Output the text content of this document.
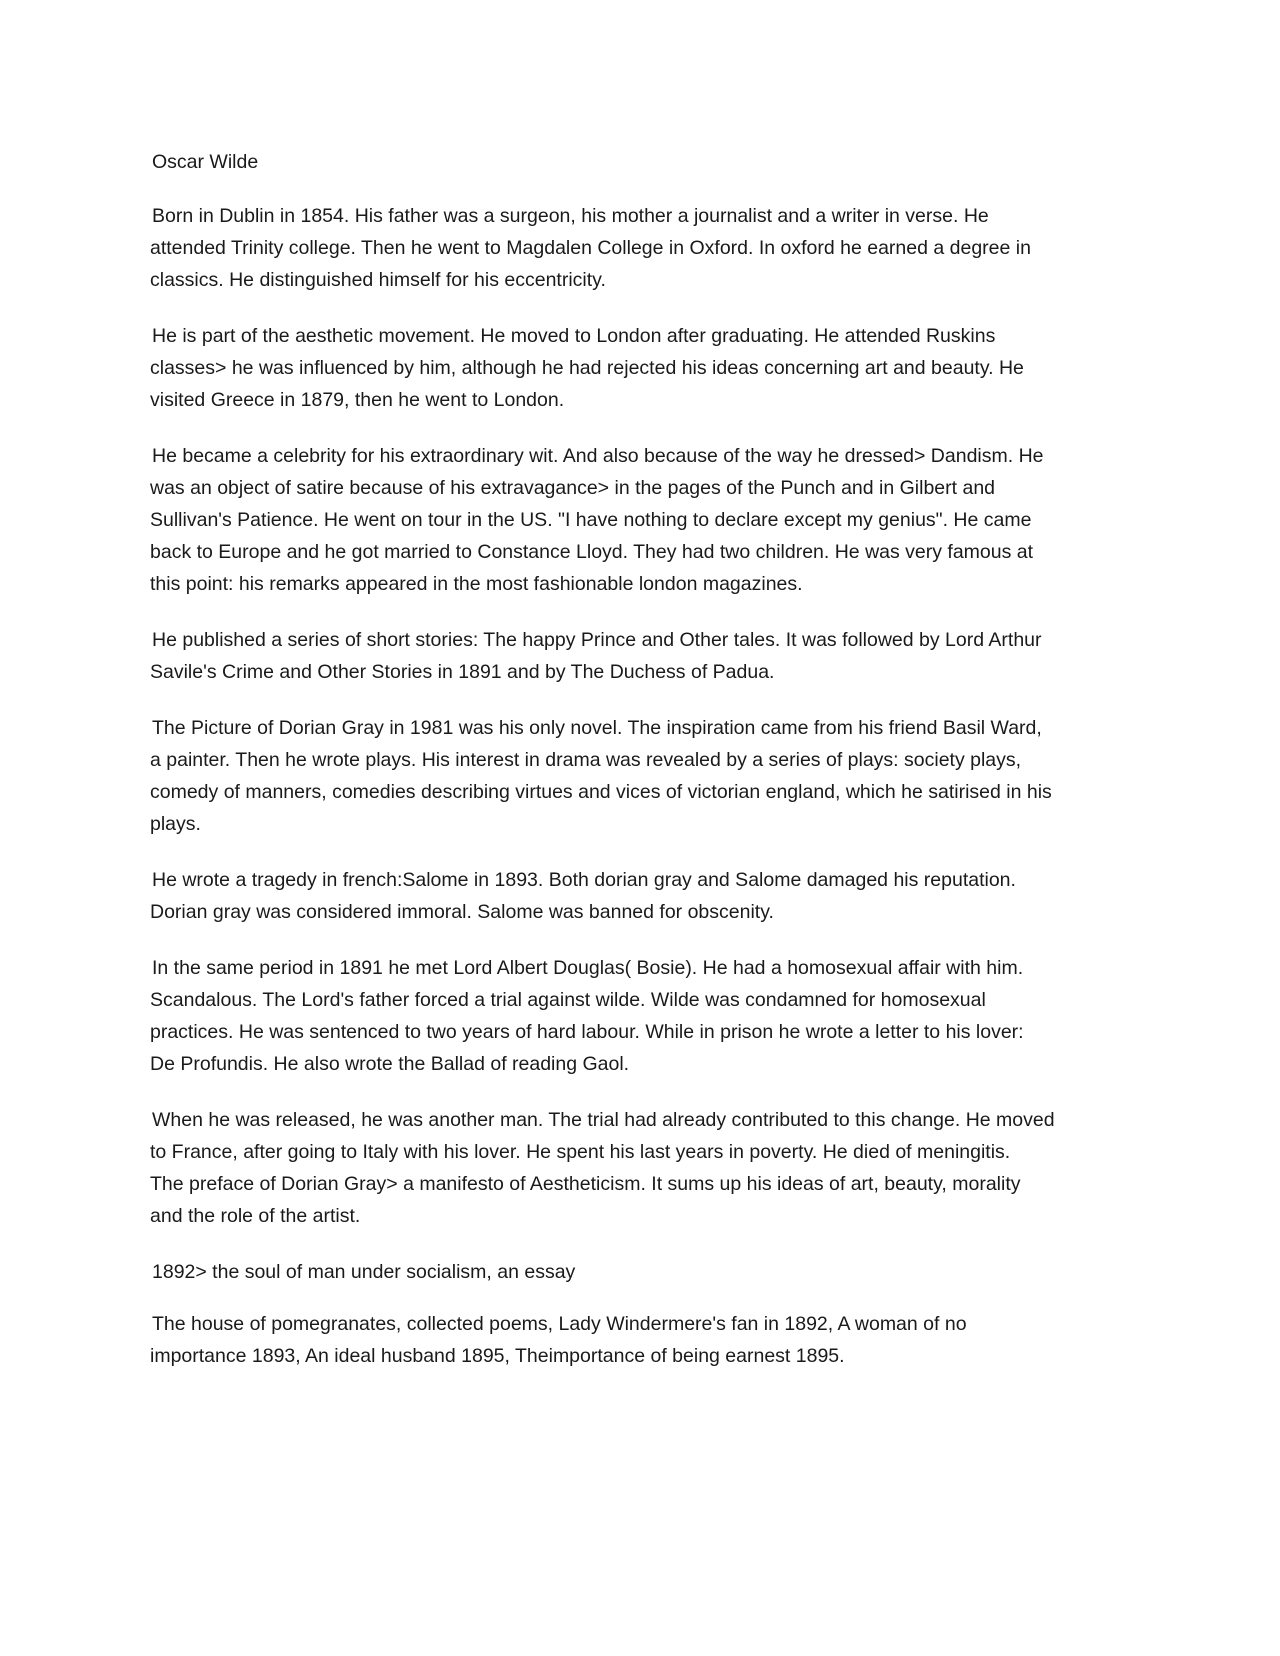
Oscar Wilde
Born in Dublin in 1854. His father was a surgeon, his mother a journalist and a writer in verse. He
attended Trinity college. Then he went to Magdalen College in Oxford. In oxford he earned a degree in
classics. He distinguished himself for his eccentricity.
He is part of the aesthetic movement. He moved to London after graduating. He attended Ruskins
classes> he was influenced by him, although he had rejected his ideas concerning art and beauty. He
visited Greece in 1879, then he went to London.
He became a celebrity for his extraordinary wit. And also because of the way he dressed> Dandism. He
was an object of satire because of his extravagance> in the pages of the Punch and in Gilbert and
Sullivan's Patience. He went on tour in the US. "I have nothing to declare except my genius". He came
back to Europe and he got married to Constance Lloyd. They had two children. He was very famous at
this point: his remarks appeared in the most fashionable london magazines.
He published a series of short stories: The happy Prince and Other tales. It was followed by Lord Arthur
Savile's Crime and Other Stories in 1891 and by The Duchess of Padua.
The Picture of Dorian Gray in 1981 was his only novel. The inspiration came from his friend Basil Ward,
a painter. Then he wrote plays. His interest in drama was revealed by a series of plays: society plays,
comedy of manners, comedies describing virtues and vices of victorian england, which he satirised in his
plays.
He wrote a tragedy in french:Salome in 1893. Both dorian gray and Salome damaged his reputation.
Dorian gray was considered immoral. Salome was banned for obscenity.
In the same period in 1891 he met Lord Albert Douglas( Bosie). He had a homosexual affair with him.
Scandalous. The Lord's father forced a trial against wilde. Wilde was condamned for homosexual
practices. He was sentenced to two years of hard labour. While in prison he wrote a letter to his lover:
De Profundis. He also wrote the Ballad of reading Gaol.
When he was released, he was another man. The trial had already contributed to this change. He moved
to France, after going to Italy with his lover. He spent his last years in poverty. He died of meningitis.
The preface of Dorian Gray> a manifesto of Aestheticism. It sums up his ideas of art, beauty, morality
and the role of the artist.
1892> the soul of man under socialism, an essay
The house of pomegranates, collected poems, Lady Windermere's fan in 1892, A woman of no
importance 1893, An ideal husband 1895, Theimportance of being earnest 1895.
